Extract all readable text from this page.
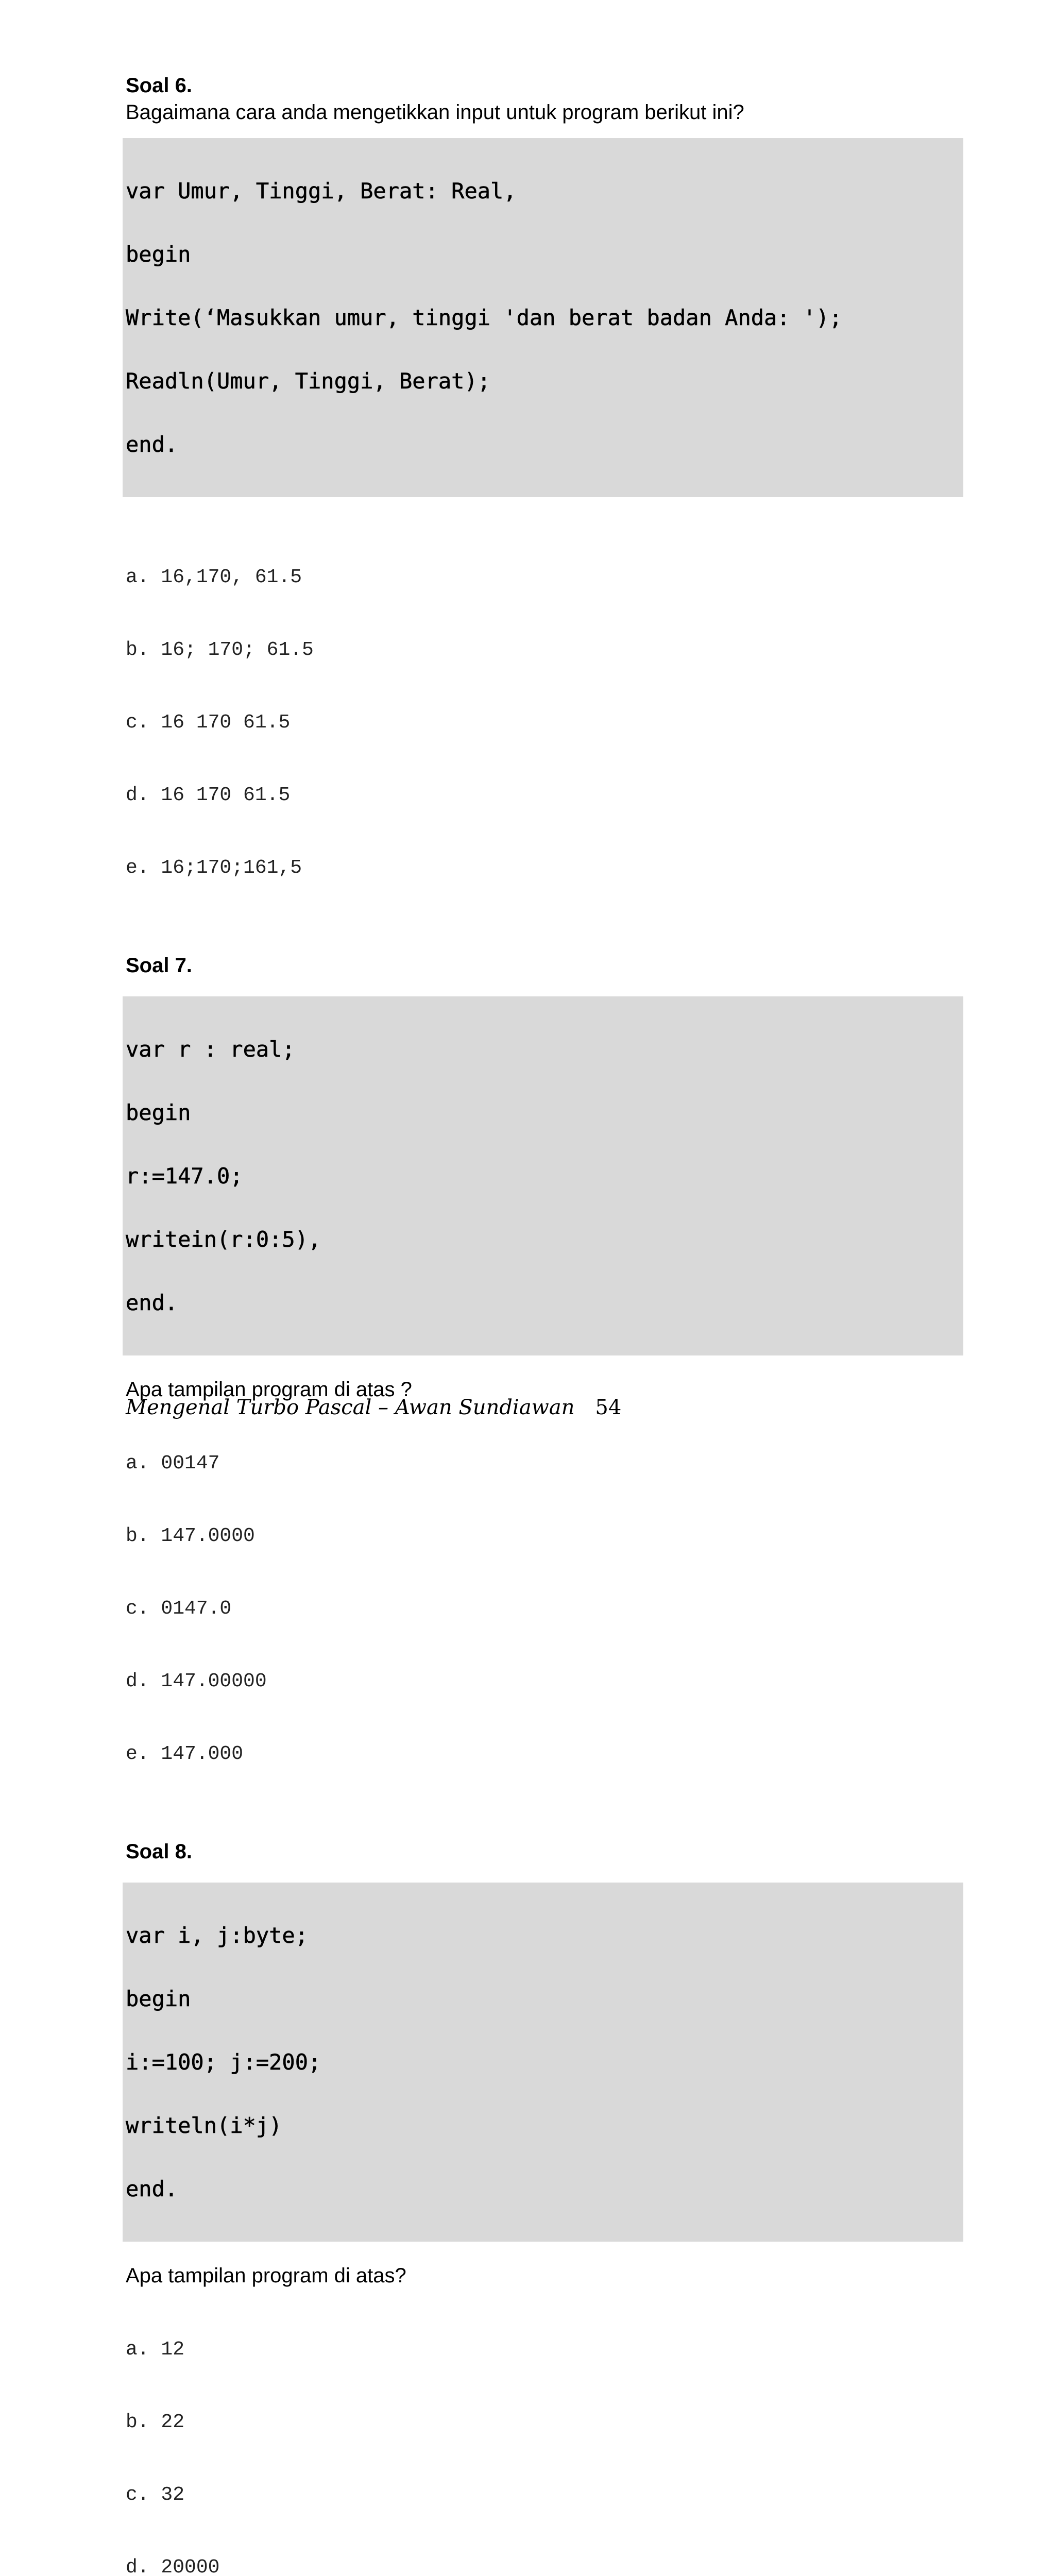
Soal 6.

Bagaimana cara anda mengetikkan input untuk program berikut ini?

var Umur, Tinggi, Berat: Real,

begin

Write(‘Masukkan umur, tinggi 'dan berat badan Anda: ');

Readln(Umur, Tinggi, Berat);

end.

a. 16,170, 61.5

b. 16; 170; 61.5

c. 16 170 61.5

d. 16 170 61.5

e. 16;170;161,5

Soal 7.

var r : real;

begin

r:=147.0;

writein(r:0:5),

end.

Apa tampilan program di atas ?

a. 00147

b. 147.0000

c. 0147.0

d. 147.00000

e. 147.000

Soal 8.

var i, j:byte;

begin

i:=100; j:=200;

writeln(i*j)

end.

Apa tampilan program di atas?

a. 12

b. 22

c. 32

d. 20000

Mengenal Turbo Pascal – Awan Sundiawan 54
